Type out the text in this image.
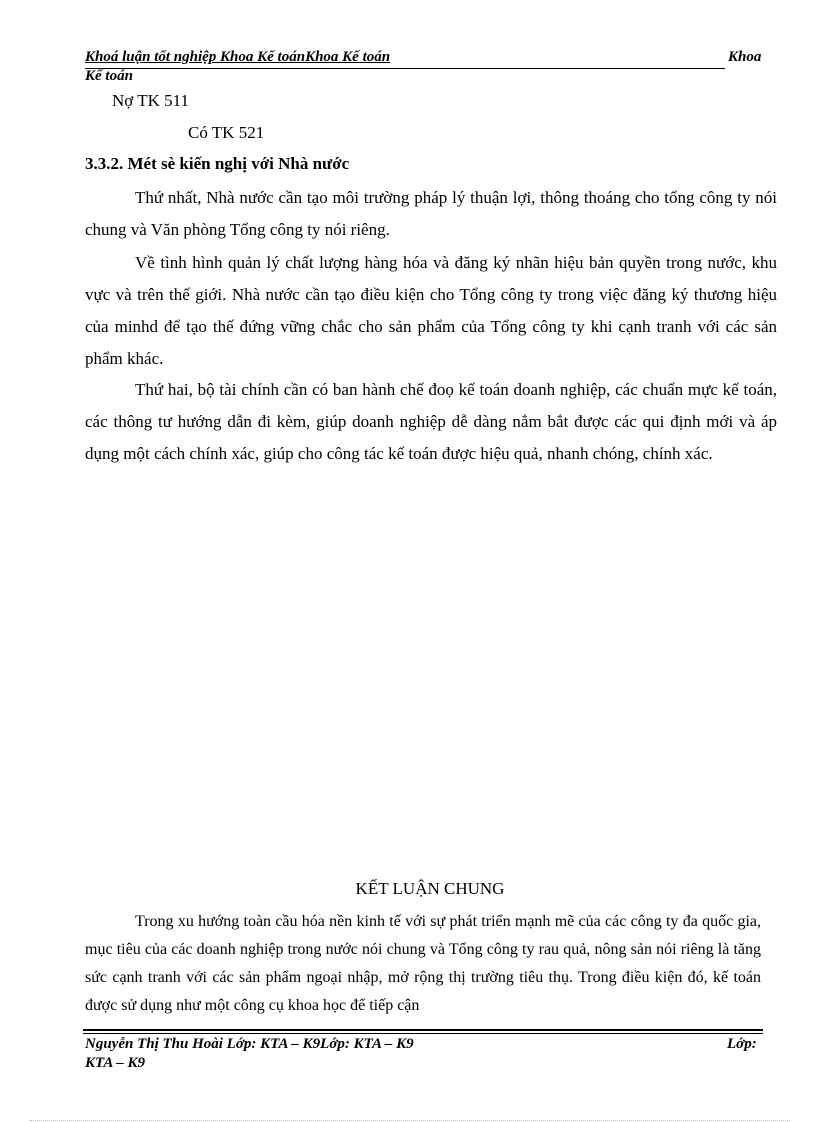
Khoá luận tốt nghiệp Khoa Kế toánKhoa Kế toán	Khoa
Kế toán
Nợ TK 511
Có TK 521
3.3.2. Mét sè kiến nghị với Nhà nước

Thứ nhất, Nhà nước cần tạo môi trường pháp lý thuận lợi, thông thoáng cho tổng công ty nói chung và Văn phòng Tổng công ty nói riêng.

Về tình hình quản lý chất lượng hàng hóa và đăng ký nhãn hiệu bản quyền trong nước, khu vực và trên thế giới. Nhà nước cần tạo điều kiện cho Tổng công ty trong việc đăng ký thương hiệu của minhd để tạo thế đứng vững chắc cho sản phẩm của Tổng công ty khi cạnh tranh với các sản phẩm khác.

Thứ hai, bộ tài chính cần có ban hành chế đoọ kế toán doanh nghiệp, các chuẩn mực kế toán, các thông tư hướng dẫn đi kèm, giúp doanh nghiệp dễ dàng nắm bắt được các qui định mới và áp dụng một cách chính xác, giúp cho công tác kế toán được hiệu quả, nhanh chóng, chính xác.

KẾT LUẬN CHUNG

Trong xu hướng toàn cầu hóa nền kinh tế với sự phát triển mạnh mẽ của các công ty đa quốc gia, mục tiêu của các doanh nghiệp trong nước nói chung và Tổng công ty rau quả, nông sản nói riêng là tăng sức cạnh tranh với các sản phẩm ngoại nhập, mở rộng thị trường tiêu thụ. Trong điều kiện đó, kế toán được sử dụng như một công cụ khoa học để tiếp cận

Nguyễn Thị Thu Hoài Lớp: KTA – K9Lớp: KTA – K9	Lớp:
KTA – K9
